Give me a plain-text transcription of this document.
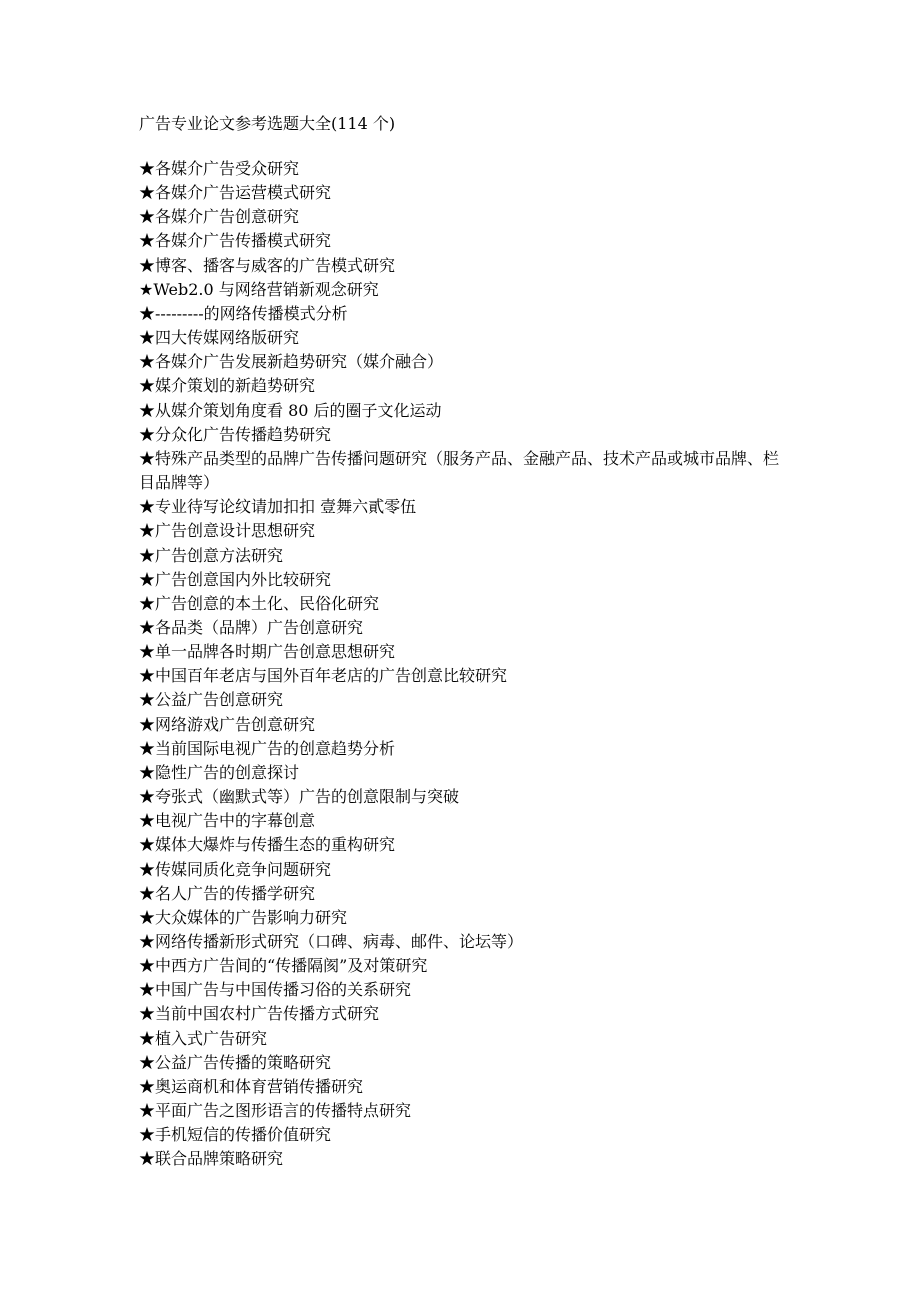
广告专业论文参考选题大全(114 个)
★各媒介广告受众研究
★各媒介广告运营模式研究
★各媒介广告创意研究
★各媒介广告传播模式研究
★博客、播客与威客的广告模式研究
★Web2.0 与网络营销新观念研究
★---------的网络传播模式分析
★四大传媒网络版研究
★各媒介广告发展新趋势研究（媒介融合）
★媒介策划的新趋势研究
★从媒介策划角度看 80 后的圈子文化运动
★分众化广告传播趋势研究
★特殊产品类型的品牌广告传播问题研究（服务产品、金融产品、技术产品或城市品牌、栏目品牌等）
★专业待写论纹请加扣扣 壹舞六貳零伍
★广告创意设计思想研究
★广告创意方法研究
★广告创意国内外比较研究
★广告创意的本土化、民俗化研究
★各品类（品牌）广告创意研究
★单一品牌各时期广告创意思想研究
★中国百年老店与国外百年老店的广告创意比较研究
★公益广告创意研究
★网络游戏广告创意研究
★当前国际电视广告的创意趋势分析
★隐性广告的创意探讨
★夸张式（幽默式等）广告的创意限制与突破
★电视广告中的字幕创意
★媒体大爆炸与传播生态的重构研究
★传媒同质化竞争问题研究
★名人广告的传播学研究
★大众媒体的广告影响力研究
★网络传播新形式研究（口碑、病毒、邮件、论坛等）
★中西方广告间的“传播隔阂”及对策研究
★中国广告与中国传播习俗的关系研究
★当前中国农村广告传播方式研究
★植入式广告研究
★公益广告传播的策略研究
★奥运商机和体育营销传播研究
★平面广告之图形语言的传播特点研究
★手机短信的传播价值研究
★联合品牌策略研究
